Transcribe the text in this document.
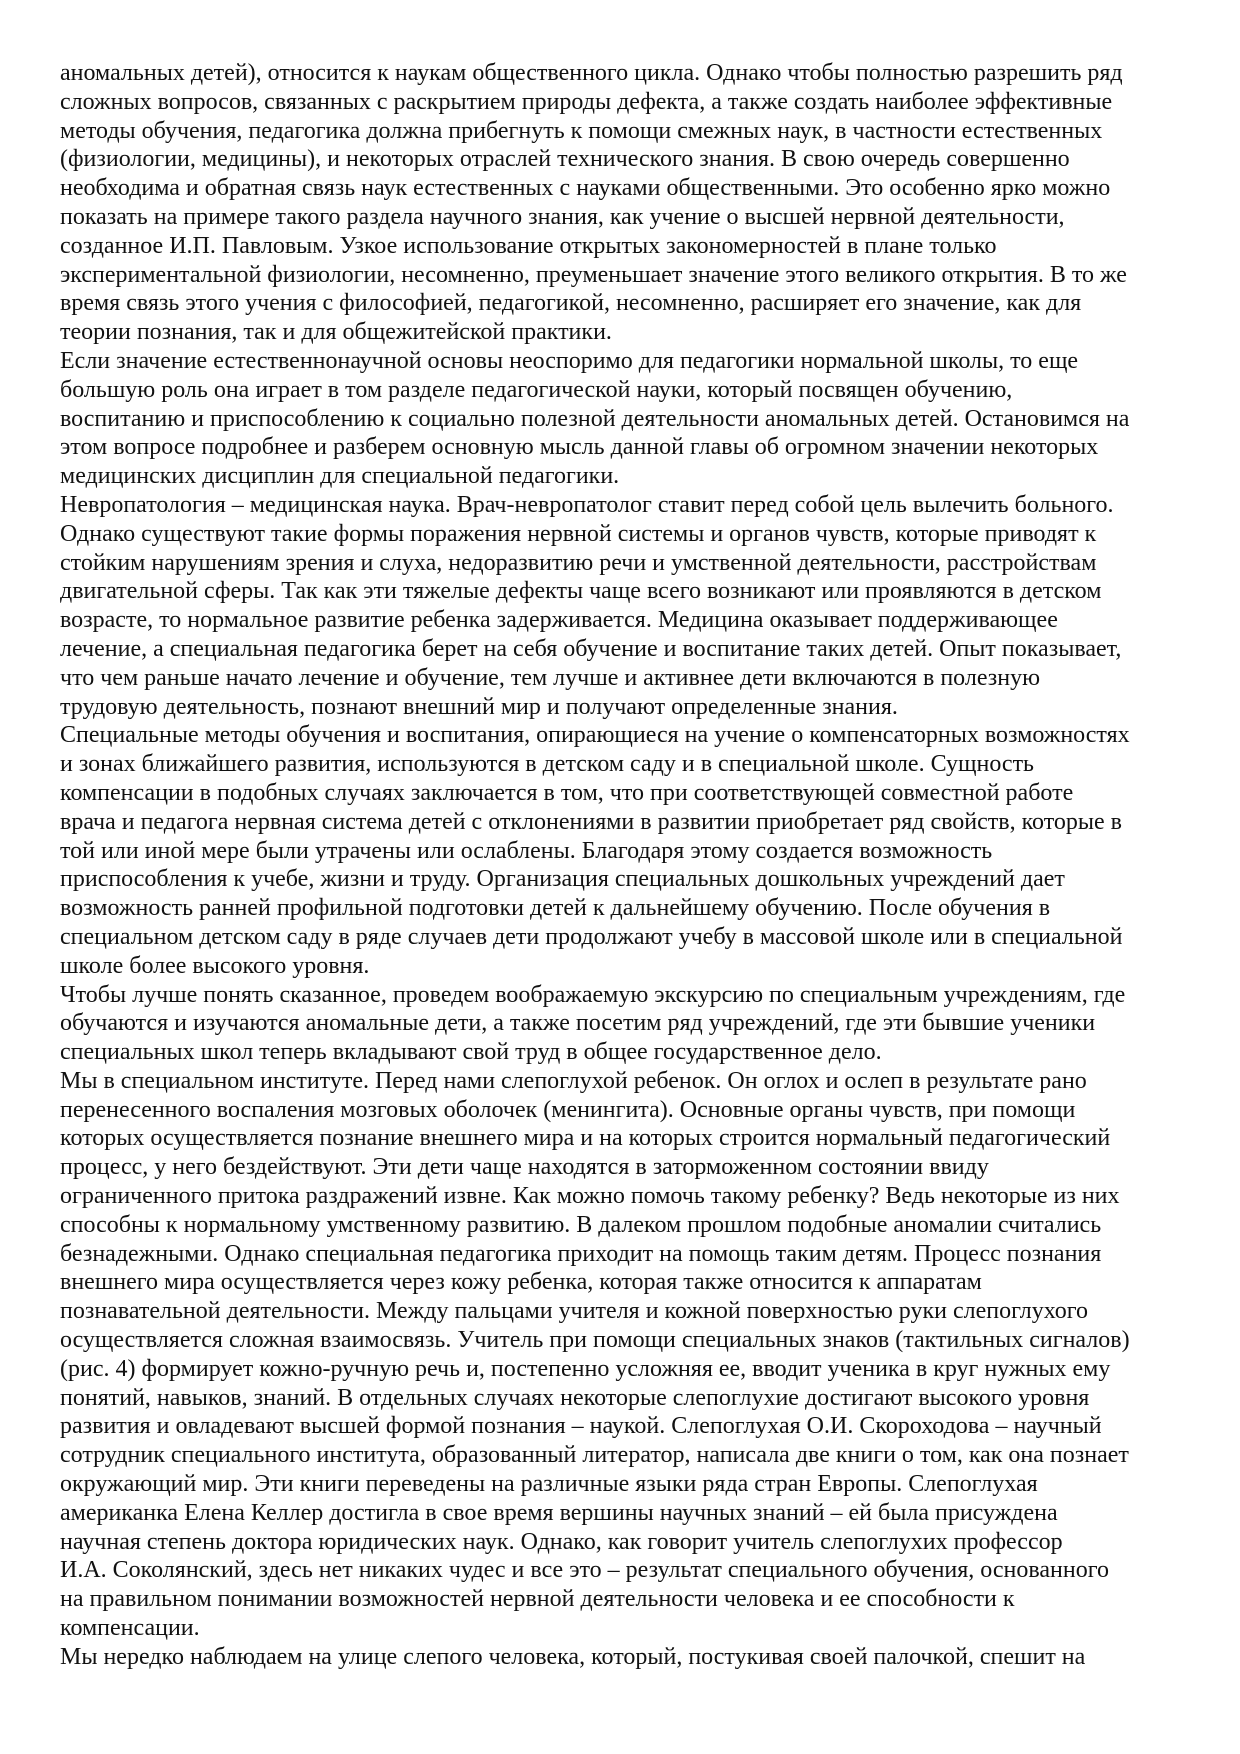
аномальных детей), относится к наукам общественного цикла. Однако чтобы полностью разрешить ряд
сложных вопросов, связанных с раскрытием природы дефекта, а также создать наиболее эффективные
методы обучения, педагогика должна прибегнуть к помощи смежных наук, в частности естественных
(физиологии, медицины), и некоторых отраслей технического знания. В свою очередь совершенно
необходима и обратная связь наук естественных с науками общественными. Это особенно ярко можно
показать на примере такого раздела научного знания, как учение о высшей нервной деятельности,
созданное И.П. Павловым. Узкое использование открытых закономерностей в плане только
экспериментальной физиологии, несомненно, преуменьшает значение этого великого открытия. В то же
время связь этого учения с философией, педагогикой, несомненно, расширяет его значение, как для
теории познания, так и для общежитейской практики.
Если значение естественнонаучной основы неоспоримо для педагогики нормальной школы, то еще
большую роль она играет в том разделе педагогической науки, который посвящен обучению,
воспитанию и приспособлению к социально полезной деятельности аномальных детей. Остановимся на
этом вопросе подробнее и разберем основную мысль данной главы об огромном значении некоторых
медицинских дисциплин для специальной педагогики.
Невропатология – медицинская наука. Врач-невропатолог ставит перед собой цель вылечить больного.
Однако существуют такие формы поражения нервной системы и органов чувств, которые приводят к
стойким нарушениям зрения и слуха, недоразвитию речи и умственной деятельности, расстройствам
двигательной сферы. Так как эти тяжелые дефекты чаще всего возникают или проявляются в детском
возрасте, то нормальное развитие ребенка задерживается. Медицина оказывает поддерживающее
лечение, а специальная педагогика берет на себя обучение и воспитание таких детей. Опыт показывает,
что чем раньше начато лечение и обучение, тем лучше и активнее дети включаются в полезную
трудовую деятельность, познают внешний мир и получают определенные знания.
Специальные методы обучения и воспитания, опирающиеся на учение о компенсаторных возможностях
и зонах ближайшего развития, используются в детском саду и в специальной школе. Сущность
компенсации в подобных случаях заключается в том, что при соответствующей совместной работе
врача и педагога нервная система детей с отклонениями в развитии приобретает ряд свойств, которые в
той или иной мере были утрачены или ослаблены. Благодаря этому создается возможность
приспособления к учебе, жизни и труду. Организация специальных дошкольных учреждений дает
возможность ранней профильной подготовки детей к дальнейшему обучению. После обучения в
специальном детском саду в ряде случаев дети продолжают учебу в массовой школе или в специальной
школе более высокого уровня.
Чтобы лучше понять сказанное, проведем воображаемую экскурсию по специальным учреждениям, где
обучаются и изучаются аномальные дети, а также посетим ряд учреждений, где эти бывшие ученики
специальных школ теперь вкладывают свой труд в общее государственное дело.
Мы в специальном институте. Перед нами слепоглухой ребенок. Он оглох и ослеп в результате рано
перенесенного воспаления мозговых оболочек (менингита). Основные органы чувств, при помощи
которых осуществляется познание внешнего мира и на которых строится нормальный педагогический
процесс, у него бездействуют. Эти дети чаще находятся в заторможенном состоянии ввиду
ограниченного притока раздражений извне. Как можно помочь такому ребенку? Ведь некоторые из них
способны к нормальному умственному развитию. В далеком прошлом подобные аномалии считались
безнадежными. Однако специальная педагогика приходит на помощь таким детям. Процесс познания
внешнего мира осуществляется через кожу ребенка, которая также относится к аппаратам
познавательной деятельности. Между пальцами учителя и кожной поверхностью руки слепоглухого
осуществляется сложная взаимосвязь. Учитель при помощи специальных знаков (тактильных сигналов)
(рис. 4) формирует кожно-ручную речь и, постепенно усложняя ее, вводит ученика в круг нужных ему
понятий, навыков, знаний. В отдельных случаях некоторые слепоглухие достигают высокого уровня
развития и овладевают высшей формой познания – наукой. Слепоглухая О.И. Скороходова – научный
сотрудник специального института, образованный литератор, написала две книги о том, как она познает
окружающий мир. Эти книги переведены на различные языки ряда стран Европы. Слепоглухая
американка Елена Келлер достигла в свое время вершины научных знаний – ей была присуждена
научная степень доктора юридических наук. Однако, как говорит учитель слепоглухих профессор
И.А. Соколянский, здесь нет никаких чудес и все это – результат специального обучения, основанного
на правильном понимании возможностей нервной деятельности человека и ее способности к
компенсации.
Мы нередко наблюдаем на улице слепого человека, который, постукивая своей палочкой, спешит на
